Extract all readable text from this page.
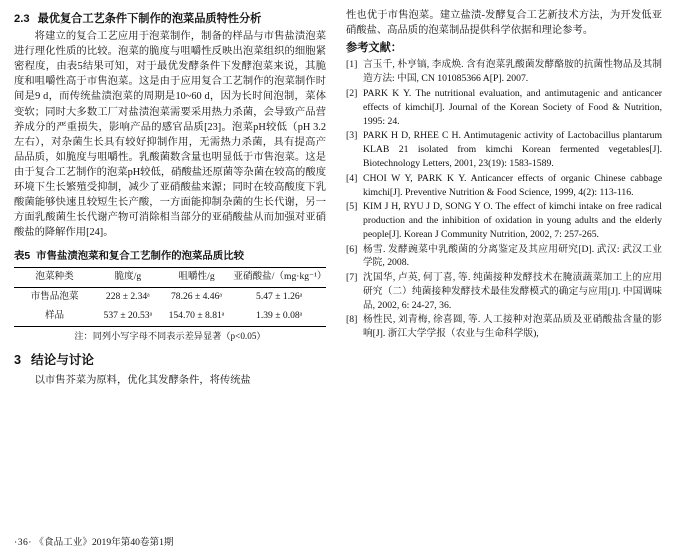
2.3 最优复合工艺条件下制作的泡菜品质特性分析

将建立的复合工艺应用于泡菜制作，制备的样品与市售盐渍泡菜进行理化性质的比较。泡菜的脆度与咀嚼性反映出泡菜组织的细胞紧密程度，由表5结果可知，对于最优发酵条件下发酵泡菜来说，其脆度和咀嚼性高于市售泡菜。这是由于应用复合工艺制作的泡菜制作时间是9 d，而传统盐渍泡菜的周期是10~60 d，因为长时间泡制，菜体变软；同时大多数工厂对盐渍泡菜需要采用热力杀菌，会导致产品营养成分的严重损失，影响产品的感官品质[23]。泡菜pH较低（pH 3.2左右），对杂菌生长具有较好抑制作用，无需热力杀菌，具有提高产品品质，如脆度与咀嚼性。乳酸菌数含量也明显低于市售泡菜。这是由于复合工艺制作的泡菜pH较低，硝酸盐还原菌等杂菌在较高的酸度环境下生长繁殖受抑制，减少了亚硝酸盐来源；同时在较高酸度下乳酸菌能够快速且较短生长产酸，一方面能抑制杂菌的生长代谢，另一方面乳酸菌生长代谢产物可消除相当部分的亚硝酸盐从而加强对亚硝酸盐的降解作用[24]。

表5 市售盐渍泡菜和复合工艺制作的泡菜品质比较
泡菜种类	脆度/g	咀嚼性/g	亚硝酸盐/（mg·kg⁻¹）
市售品泡菜	228 ± 2.34ᵃ	78.26 ± 4.46ᵃ	5.47 ± 1.26ᵃ
样品	537 ± 20.53ᵃ	154.70 ± 8.81ᵃ	1.39 ± 0.08ᵃ

注：同列小写字母不同表示差异显著（p<0.05）

3 结论与讨论

以市售芥菜为原料，优化其发酵条件，将传统盐

性也优于市售泡菜。建立盐渍-发酵复合工艺新技术方法，为开发低亚硝酸盐、高品质的泡菜制品提供科学依据和理论参考。

参考文献：

[1] 言玉千, 朴亨镐, 李成焕. 含有泡菜乳酸菌发酵酪胺的抗菌性物品及其制造方法: 中国, CN 101085366 A[P]. 2007.

[2] PARK K Y. The nutritional evaluation, and antimutagenic and anticancer effects of kimchi[J]. Journal of the Korean Society of Food & Nutrition, 1995: 24.

[3] PARK H D, RHEE C H. Antimutagenic activity of Lactobacillus plantarum KLAB 21 isolated from kimchi Korean fermented vegetables[J]. Biotechnology Letters, 2001, 23(19): 1583-1589.

[4] CHOI W Y, PARK K Y. Anticancer effects of organic Chinese cabbage kimchi[J]. Preventive Nutrition & Food Science, 1999, 4(2): 113-116.

[5] KIM J H, RYU J D, SONG Y O. The effect of kimchi intake on free radical production and the inhibition of oxidation in young adults and the elderly people[J]. Korean J Community Nutrition, 2002, 7: 257-265.

[6] 杨雪. 发酵豌菜中乳酸菌的分离鉴定及其应用研究[D]. 武汉: 武汉工业学院, 2008.

[7] 沈国华, 卢英, 何丁喜, 等. 纯菌接种发酵技术在腌渍蔬菜加工上的应用研究（二）纯菌接种发酵技术最佳发酵模式的确定与应用[J]. 中国调味品, 2002, 6: 24-27, 36.

[8] 杨性民, 刘青梅, 徐喜圆, 等. 人工接种对泡菜品质及亚硝酸盐含量的影响[J]. 浙江大学学报（农业与生命科学版),

·36· 《食品工业》2019年第40卷第1期
